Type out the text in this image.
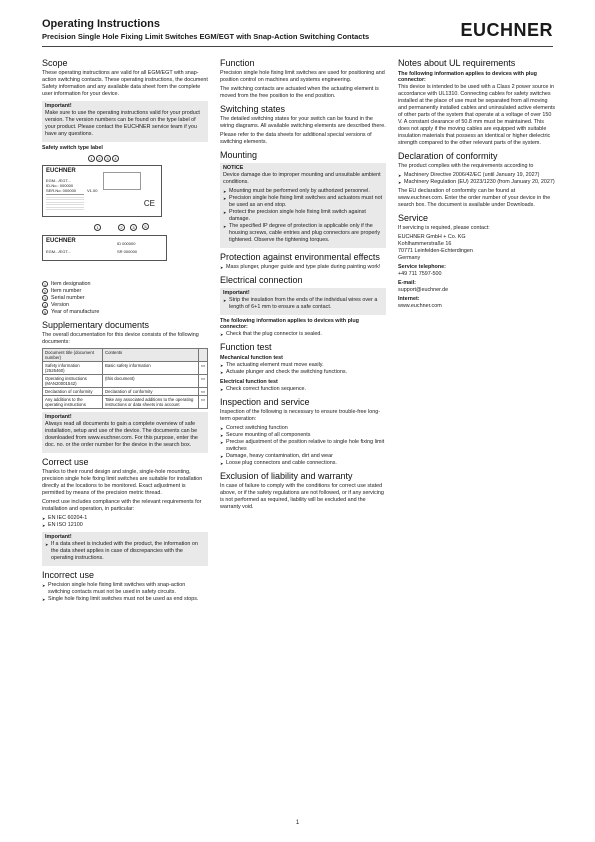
Operating Instructions
Precision Single Hole Fixing Limit Switches EGM/EGT with Snap-Action Switching Contacts	EUCHNER
Scope

These operating instructions are valid for all EGM/EGT with snap-action switching contacts. These operating instructions, the document Safety information and any available data sheet form the complete user information for your device.

Important!

Make sure to use the operating instructions valid for your product version. The version numbers can be found on the type label of your product. Please contact the EUCHNER service team if you have any questions.

Safety switch type label
1	2	3	4
EUCHNER
EGM.../EGT...
ID-No.: 000000
SER.No: 000000	V1.00
CE
5
1	2	3
EUCHNER
EGM.../EGT...
ID 000000
SR 000000
1 Item designation
2 Item number
3 Serial number
4 Version
5 Year of manufacture
Supplementary documents

The overall documentation for this device consists of the following documents:

Document title (document number)	Contents	
Safety information (2525460)	Basic safety information	▭
Operating instructions (MAN20001542)	(this document)	▭
Declaration of conformity	Declaration of conformity	▭
Any additions to the operating instructions	Take any associated additions to the operating instructions or data sheets into account	▭
Important!

Always read all documents to gain a complete overview of safe installation, setup and use of the device. The documents can be downloaded from www.euchner.com. For this purpose, enter the doc. no. or the order number for the device in the search box.

Correct use

Thanks to their round design and single, single-hole mounting, precision single hole fixing limit switches are suitable for installation directly at the locations to be monitored. Exact adjustment is permitted by means of the precision metric thread.

Correct use includes compliance with the relevant requirements for installation and operation, in particular:

➤ EN IEC 60204-1
➤ EN ISO 12100
Important!
➤ If a data sheet is included with the product, the information on the data sheet applies in case of discrepancies with the operating instructions.
Incorrect use
➤ Precision single hole fixing limit switches with snap-action switching contacts must not be used in safety circuits.
➤ Single hole fixing limit switches must not be used as end stops.
Function

Precision single hole fixing limit switches are used for positioning and position control on machines and systems engineering.

The switching contacts are actuated when the actuating element is moved from the free position to the end position.

Switching states

The detailed switching states for your switch can be found in the wiring diagrams. All available switching elements are described there.

Please refer to the data sheets for additional special versions of switching elements.

Mounting
NOTICE

Device damage due to improper mounting and unsuitable ambient conditions.

➤ Mounting must be performed only by authorized personnel.
➤ Precision single hole fixing limit switches and actuators must not be used as an end stop.
➤ Protect the precision single hole fixing limit switch against damage.
➤ The specified IP degree of protection is applicable only if the housing screws, cable entries and plug connectors are properly tightened. Observe the tightening torques.
Protection against environmental effects
➤ Mass plunger, plunger guide and type plate during painting work!
Electrical connection
Important!
➤ Strip the insulation from the ends of the individual wires over a length of 6+1 mm to ensure a safe contact.
The following information applies to devices with plug connector:
➤ Check that the plug connector is sealed.
Function test
Mechanical function test
➤ The actuating element must move easily.
➤ Actuate plunger and check the switching functions.
Electrical function test
➤ Check correct function sequence.
Inspection and service

Inspection of the following is necessary to ensure trouble-free long-term operation:

➤ Correct switching function
➤ Secure mounting of all components
➤ Precise adjustment of the position relative to single hole fixing limit switches
➤ Damage, heavy contamination, dirt and wear
➤ Loose plug connectors and cable connections.
Exclusion of liability and warranty

In case of failure to comply with the conditions for correct use stated above, or if the safety regulations are not followed, or if any servicing is not performed as required, liability will be excluded and the warranty void.

Notes about UL requirements
The following information applies to devices with plug connector:

This device is intended to be used with a Class 2 power source in accordance with UL1310. Connecting cables for safety switches installed at the place of use must be separated from all moving and permanently installed cables and uninsulated active elements of other parts of the system that operate at a voltage of over 150 V. A constant clearance of 50.8 mm must be maintained. This does not apply if the moving cables are equipped with suitable insulation materials that possess an identical or higher dielectric strength compared to the other relevant parts of the system.

Declaration of conformity

The product complies with the requirements according to

➤ Machinery Directive 2006/42/EC (until January 19, 2027)
➤ Machinery Regulation (EU) 2023/1230 (from January 20, 2027)

The EU declaration of conformity can be found at www.euchner.com. Enter the order number of your device in the search box. The document is available under Downloads.

Service

If servicing is required, please contact:

EUCHNER GmbH + Co. KG
Kohlhammerstraße 16
70771 Leinfelden-Echterdingen
Germany

Service telephone:

+49 711 7597-500

E-mail:

support@euchner.de

Internet:

www.euchner.com

1
